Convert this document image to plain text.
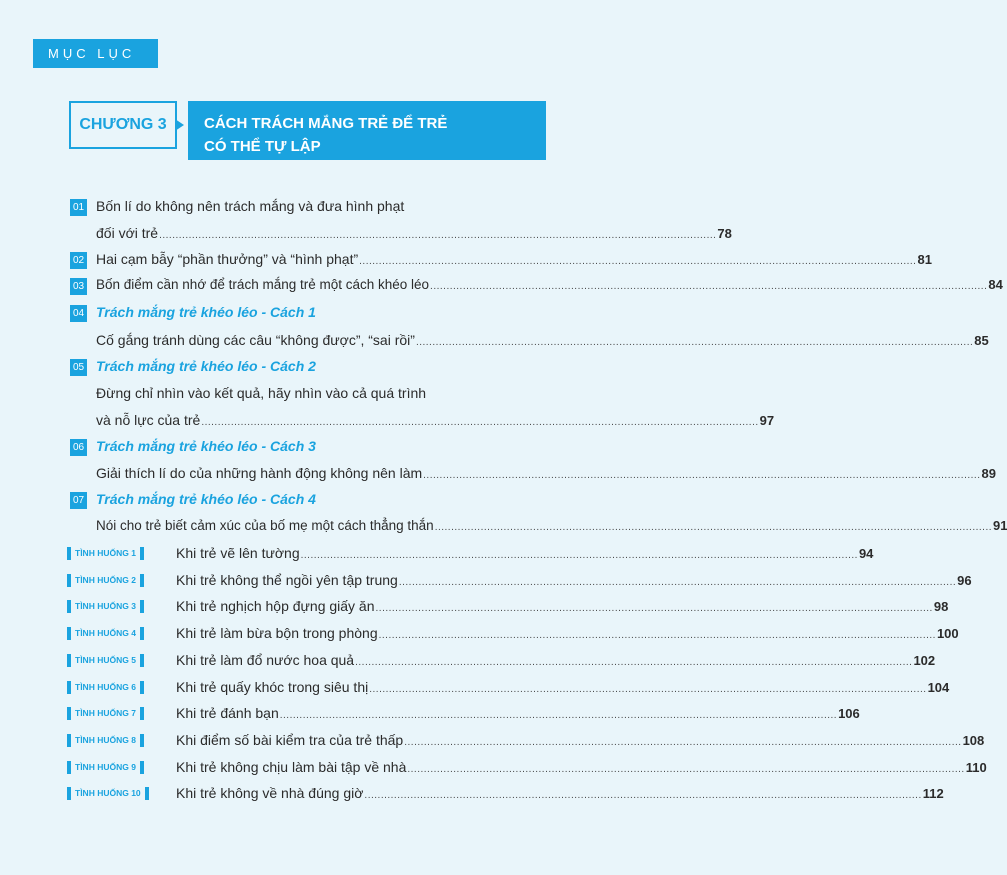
MỤC LỤC
CHƯƠNG 3 CÁCH TRÁCH MẮNG TRẺ ĐỂ TRẺ
CÓ THỂ TỰ LẬP
01 Bốn lí do không nên trách mắng và đưa hình phạt
đối với trẻ .......................................................................................................................................................................... 78
02 Hai cạm bẫy “phần thưởng” và “hình phạt” .......................................................................................................................................................................... 81
03 Bốn điểm cần nhớ để trách mắng trẻ một cách khéo léo .......................................................................................................................................................................... 84
04 Trách mắng trẻ khéo léo - Cách 1
Cố gắng tránh dùng các câu “không được”, “sai rồi” .......................................................................................................................................................................... 85
05 Trách mắng trẻ khéo léo - Cách 2
Đừng chỉ nhìn vào kết quả, hãy nhìn vào cả quá trình
và nỗ lực của trẻ .......................................................................................................................................................................... 97
06 Trách mắng trẻ khéo léo - Cách 3
Giải thích lí do của những hành động không nên làm .......................................................................................................................................................................... 89
07 Trách mắng trẻ khéo léo - Cách 4
Nói cho trẻ biết cảm xúc của bố mẹ một cách thẳng thắn .......................................................................................................................................................................... 91
TÌNH HUỐNG 1	Khi trẻ vẽ lên tường .......................................................................................................................................................................... 94
TÌNH HUỐNG 2	Khi trẻ không thể ngồi yên tập trung .......................................................................................................................................................................... 96
TÌNH HUỐNG 3	Khi trẻ nghịch hộp đựng giấy ăn .......................................................................................................................................................................... 98
TÌNH HUỐNG 4	Khi trẻ làm bừa bộn trong phòng .......................................................................................................................................................................... 100
TÌNH HUỐNG 5	Khi trẻ làm đổ nước hoa quả .......................................................................................................................................................................... 102
TÌNH HUỐNG 6	Khi trẻ quấy khóc trong siêu thị .......................................................................................................................................................................... 104
TÌNH HUỐNG 7	Khi trẻ đánh bạn .......................................................................................................................................................................... 106
TÌNH HUỐNG 8	Khi điểm số bài kiểm tra của trẻ thấp .......................................................................................................................................................................... 108
TÌNH HUỐNG 9	Khi trẻ không chịu làm bài tập về nhà .......................................................................................................................................................................... 110
TÌNH HUỐNG 10	Khi trẻ không về nhà đúng giờ .......................................................................................................................................................................... 112
